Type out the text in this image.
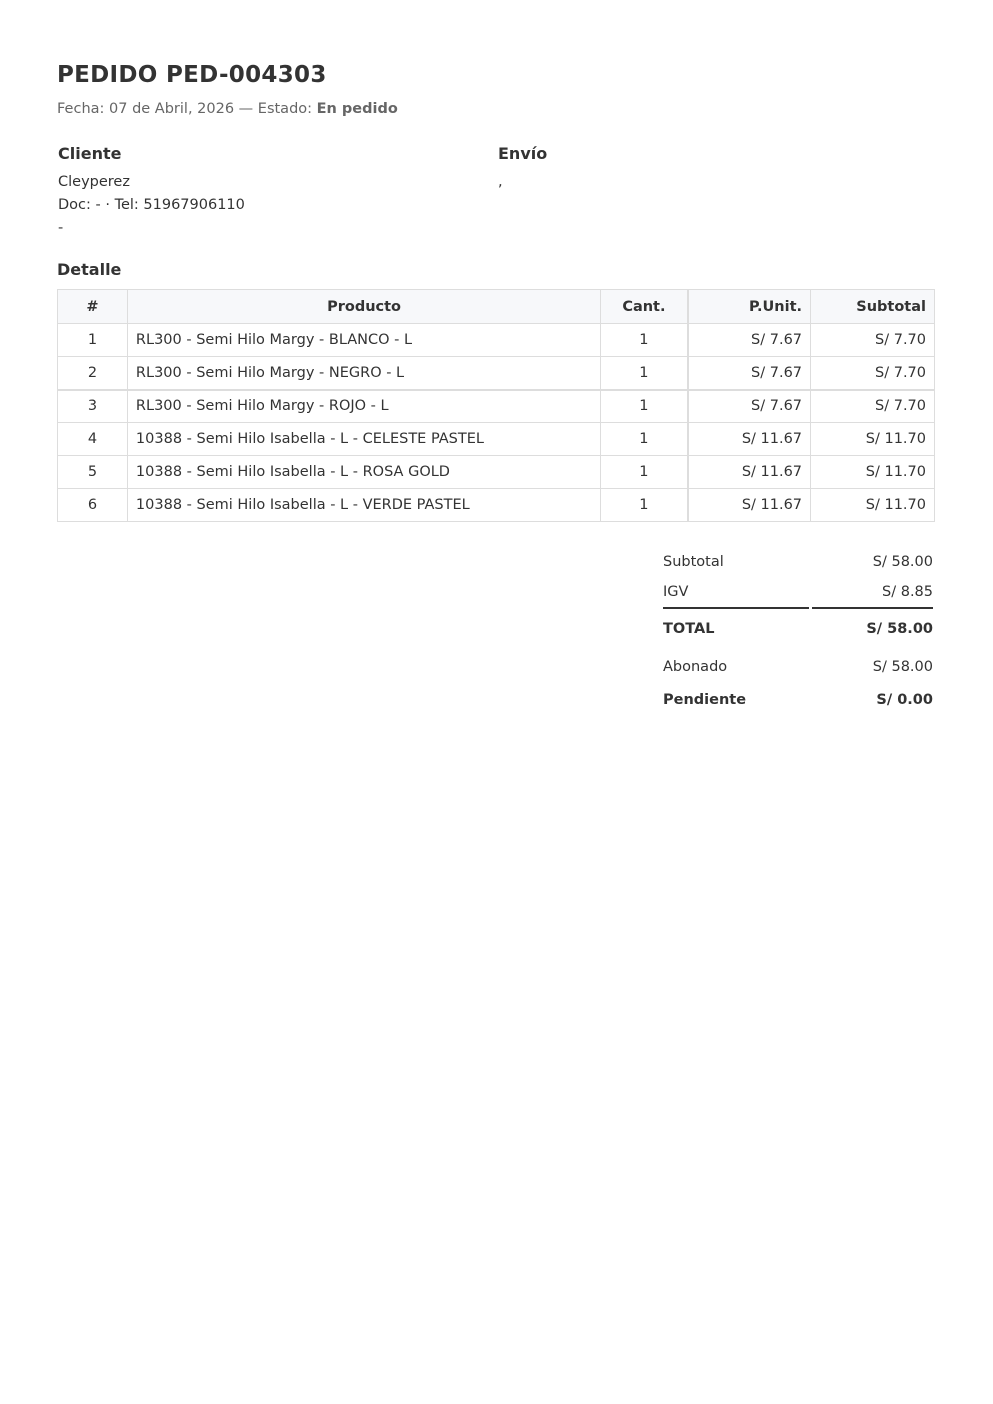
PEDIDO PED-004303
Fecha: 07 de Abril, 2026 — Estado: En pedido
Cliente
Cleyperez
Doc: - · Tel: 51967906110
-
Envío
,
Detalle
#	Producto	Cant.	P.Unit.	Subtotal
1	RL300 - Semi Hilo Margy - BLANCO - L	1	S/ 7.67	S/ 7.70
2	RL300 - Semi Hilo Margy - NEGRO - L	1	S/ 7.67	S/ 7.70
3	RL300 - Semi Hilo Margy - ROJO - L	1	S/ 7.67	S/ 7.70
4	10388 - Semi Hilo Isabella - L - CELESTE PASTEL	1	S/ 11.67	S/ 11.70
5	10388 - Semi Hilo Isabella - L - ROSA GOLD	1	S/ 11.67	S/ 11.70
6	10388 - Semi Hilo Isabella - L - VERDE PASTEL	1	S/ 11.67	S/ 11.70
Subtotal	S/ 58.00
IGV	S/ 8.85
TOTAL	S/ 58.00
Abonado	S/ 58.00
Pendiente	S/ 0.00
